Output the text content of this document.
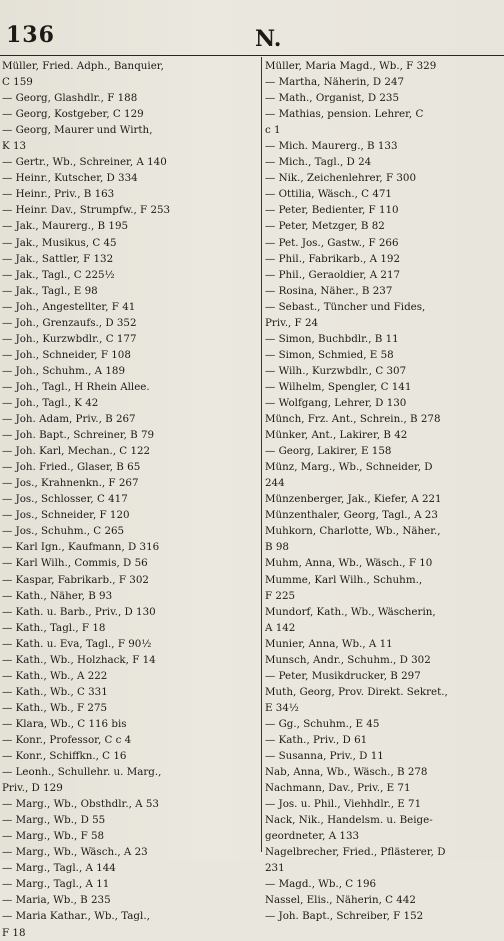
136	N.
Müller, Fried. Adph., Banquier,
C 159
— Georg, Glashdlr., F 188
— Georg, Kostgeber, C 129
— Georg, Maurer und Wirth,
K 13
— Gertr., Wb., Schreiner, A 140
— Heinr., Kutscher, D 334
— Heinr., Priv., B 163
— Heinr. Dav., Strumpfw., F 253
— Jak., Maurerg., B 195
— Jak., Musikus, C 45
— Jak., Sattler, F 132
— Jak., Tagl., C 225½
— Jak., Tagl., E 98
— Joh., Angestellter, F 41
— Joh., Grenzaufs., D 352
— Joh., Kurzwbdlr., C 177
— Joh., Schneider, F 108
— Joh., Schuhm., A 189
— Joh., Tagl., H Rhein Allee.
— Joh., Tagl., K 42
— Joh. Adam, Priv., B 267
— Joh. Bapt., Schreiner, B 79
— Joh. Karl, Mechan., C 122
— Joh. Fried., Glaser, B 65
— Jos., Krahnenkn., F 267
— Jos., Schlosser, C 417
— Jos., Schneider, F 120
— Jos., Schuhm., C 265
— Karl Ign., Kaufmann, D 316
— Karl Wilh., Commis, D 56
— Kaspar, Fabrikarb., F 302
— Kath., Näher, B 93
— Kath. u. Barb., Priv., D 130
— Kath., Tagl., F 18
— Kath. u. Eva, Tagl., F 90½
— Kath., Wb., Holzhack, F 14
— Kath., Wb., A 222
— Kath., Wb., C 331
— Kath., Wb., F 275
— Klara, Wb., C 116 bis
— Konr., Professor, C c 4
— Konr., Schiffkn., C 16
— Leonh., Schullehr. u. Marg.,
Priv., D 129
— Marg., Wb., Obsthdlr., A 53
— Marg., Wb., D 55
— Marg., Wb., F 58
— Marg., Wb., Wäsch., A 23
— Marg., Tagl., A 144
— Marg., Tagl., A 11
— Maria, Wb., B 235
— Maria Kathar., Wb., Tagl.,
F 18
Müller, Maria Magd., Wb., F 329
— Martha, Näherin, D 247
— Math., Organist, D 235
— Mathias, pension. Lehrer, C
c 1
— Mich. Maurerg., B 133
— Mich., Tagl., D 24
— Nik., Zeichenlehrer, F 300
— Ottilia, Wäsch., C 471
— Peter, Bedienter, F 110
— Peter, Metzger, B 82
— Pet. Jos., Gastw., F 266
— Phil., Fabrikarb., A 192
— Phil., Geraoldier, A 217
— Rosina, Näher., B 237
— Sebast., Tüncher und Fides,
Priv., F 24
— Simon, Buchbdlr., B 11
— Simon, Schmied, E 58
— Wilh., Kurzwbdlr., C 307
— Wilhelm, Spengler, C 141
— Wolfgang, Lehrer, D 130
Münch, Frz. Ant., Schrein., B 278
Münker, Ant., Lakirer, B 42
— Georg, Lakirer, E 158
Münz, Marg., Wb., Schneider, D
244
Münzenberger, Jak., Kiefer, A 221
Münzenthaler, Georg, Tagl., A 23
Muhkorn, Charlotte, Wb., Näher.,
B 98
Muhm, Anna, Wb., Wäsch., F 10
Mumme, Karl Wilh., Schuhm.,
F 225
Mundorf, Kath., Wb., Wäscherin,
A 142
Munier, Anna, Wb., A 11
Munsch, Andr., Schuhm., D 302
— Peter, Musikdrucker, B 297
Muth, Georg, Prov. Direkt. Sekret.,
E 34½
— Gg., Schuhm., E 45
— Kath., Priv., D 61
— Susanna, Priv., D 11
Nab, Anna, Wb., Wäsch., B 278
Nachmann, Dav., Priv., E 71
— Jos. u. Phil., Viehhdlr., E 71
Nack, Nik., Handelsm. u. Beige-
geordneter, A 133
Nagelbrecher, Fried., Pflästerer, D
231
— Magd., Wb., C 196
Nassel, Elis., Näherin, C 442
— Joh. Bapt., Schreiber, F 152
